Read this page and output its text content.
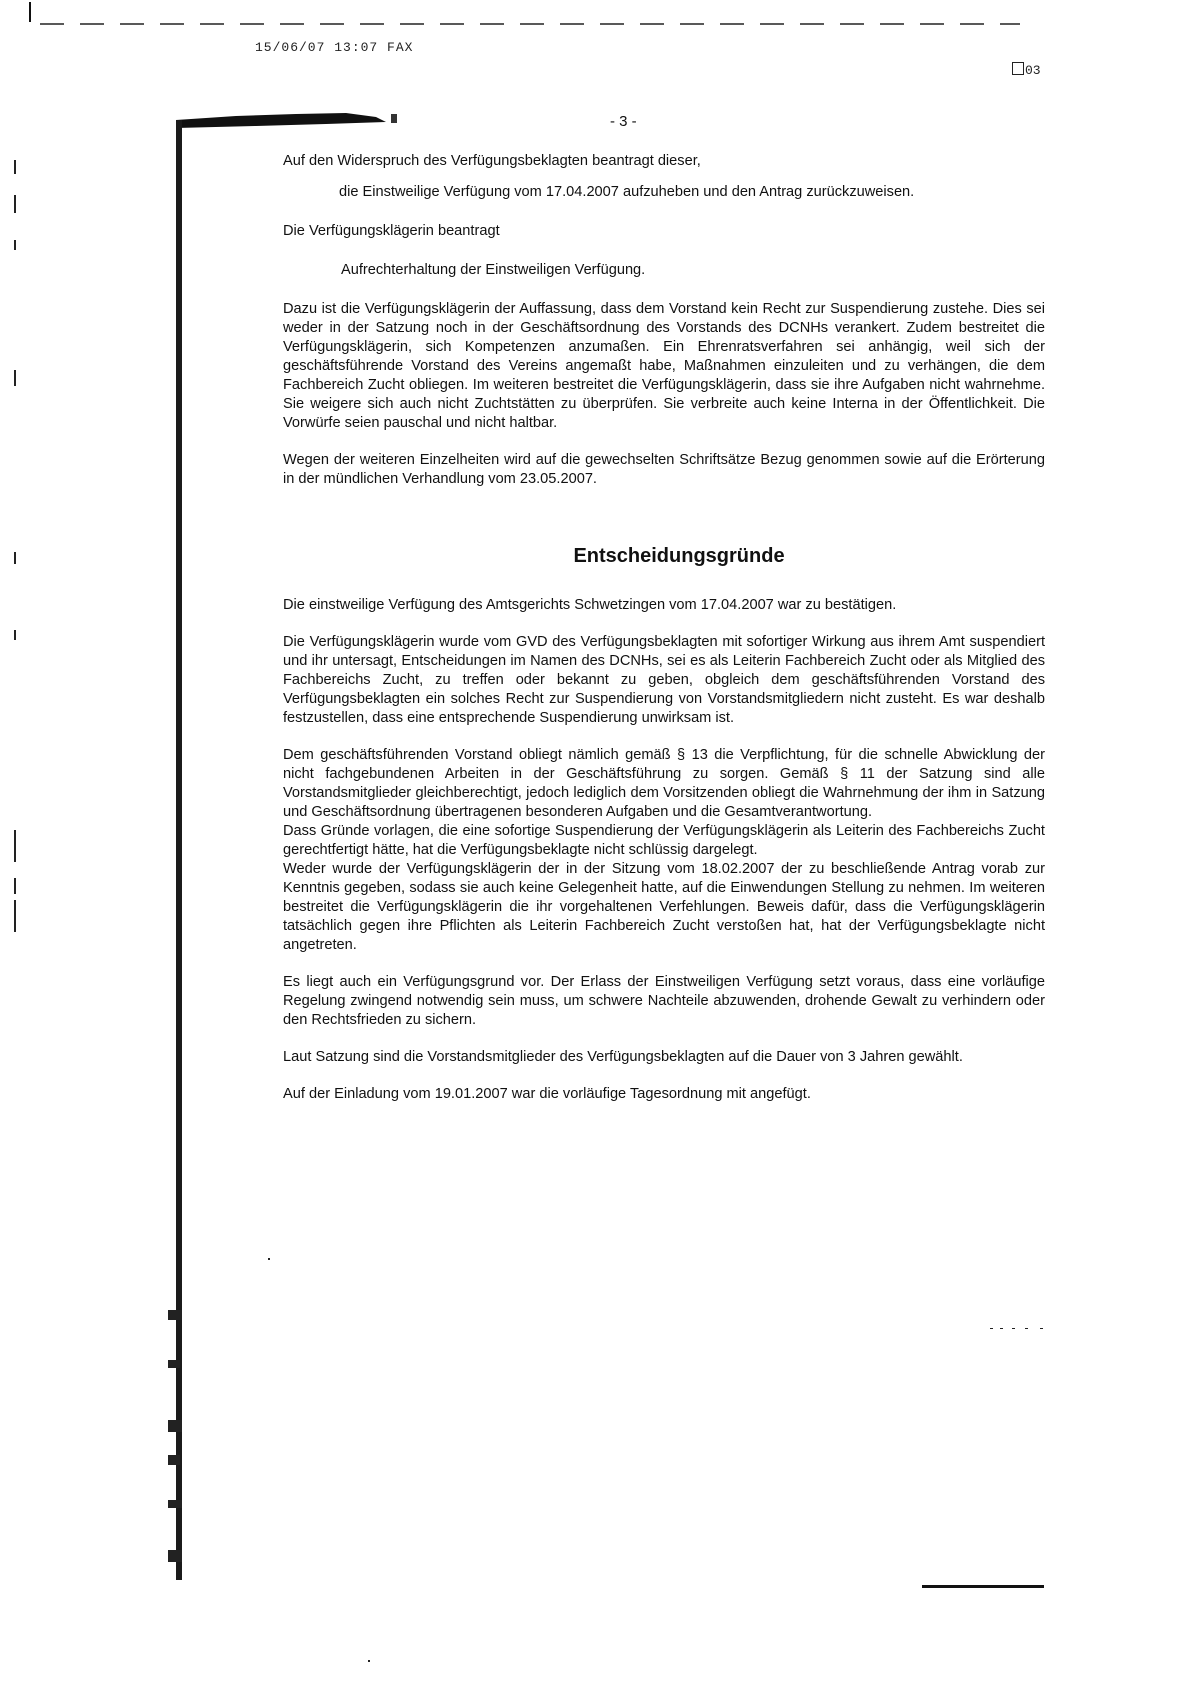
15/06/07 13:07 FAX
03
- 3 -

Auf den Widerspruch des Verfügungsbeklagten beantragt dieser,

die Einstweilige Verfügung vom 17.04.2007 aufzuheben und den Antrag zurückzuweisen.

Die Verfügungsklägerin beantragt

Aufrechterhaltung der Einstweiligen Verfügung.

Dazu ist die Verfügungsklägerin der Auffassung, dass dem Vorstand kein Recht zur Suspendierung zustehe. Dies sei weder in der Satzung noch in der Geschäftsordnung des Vorstands des DCNHs verankert. Zudem bestreitet die Verfügungsklägerin, sich Kompetenzen anzumaßen. Ein Ehrenratsverfahren sei anhängig, weil sich der geschäftsführende Vorstand des Vereins angemaßt habe, Maßnahmen einzuleiten und zu verhängen, die dem Fachbereich Zucht obliegen. Im weiteren bestreitet die Verfügungsklägerin, dass sie ihre Aufgaben nicht wahrnehme. Sie weigere sich auch nicht Zuchtstätten zu überprüfen. Sie verbreite auch keine Interna in der Öffentlichkeit. Die Vorwürfe seien pauschal und nicht haltbar.

Wegen der weiteren Einzelheiten wird auf die gewechselten Schriftsätze Bezug genommen sowie auf die Erörterung in der mündlichen Verhandlung vom 23.05.2007.

Entscheidungsgründe

Die einstweilige Verfügung des Amtsgerichts Schwetzingen vom 17.04.2007 war zu bestätigen.

Die Verfügungsklägerin wurde vom GVD des Verfügungsbeklagten mit sofortiger Wirkung aus ihrem Amt suspendiert und ihr untersagt, Entscheidungen im Namen des DCNHs, sei es als Leiterin Fachbereich Zucht oder als Mitglied des Fachbereichs Zucht, zu treffen oder bekannt zu geben, obgleich dem geschäftsführenden Vorstand des Verfügungsbeklagten ein solches Recht zur Suspendierung von Vorstandsmitgliedern nicht zusteht. Es war deshalb festzustellen, dass eine entsprechende Suspendierung unwirksam ist.

Dem geschäftsführenden Vorstand obliegt nämlich gemäß § 13 die Verpflichtung, für die schnelle Abwicklung der nicht fachgebundenen Arbeiten in der Geschäftsführung zu sorgen. Gemäß § 11 der Satzung sind alle Vorstandsmitglieder gleichberechtigt, jedoch lediglich dem Vorsitzenden obliegt die Wahrnehmung der ihm in Satzung und Geschäftsordnung übertragenen besonderen Aufgaben und die Gesamtverantwortung.

Dass Gründe vorlagen, die eine sofortige Suspendierung der Verfügungsklägerin als Leiterin des Fachbereichs Zucht gerechtfertigt hätte, hat die Verfügungsbeklagte nicht schlüssig dargelegt.

Weder wurde der Verfügungsklägerin der in der Sitzung vom 18.02.2007 der zu beschließende Antrag vorab zur Kenntnis gegeben, sodass sie auch keine Gelegenheit hatte, auf die Einwendungen Stellung zu nehmen. Im weiteren bestreitet die Verfügungsklägerin die ihr vorgehaltenen Verfehlungen. Beweis dafür, dass die Verfügungsklägerin tatsächlich gegen ihre Pflichten als Leiterin Fachbereich Zucht verstoßen hat, hat der Verfügungsbeklagte nicht angetreten.

Es liegt auch ein Verfügungsgrund vor. Der Erlass der Einstweiligen Verfügung setzt voraus, dass eine vorläufige Regelung zwingend notwendig sein muss, um schwere Nachteile abzuwenden, drohende Gewalt zu verhindern oder den Rechtsfrieden zu sichern.

Laut Satzung sind die Vorstandsmitglieder des Verfügungsbeklagten auf die Dauer von 3 Jahren gewählt.

Auf der Einladung vom 19.01.2007 war die vorläufige Tagesordnung mit angefügt.
